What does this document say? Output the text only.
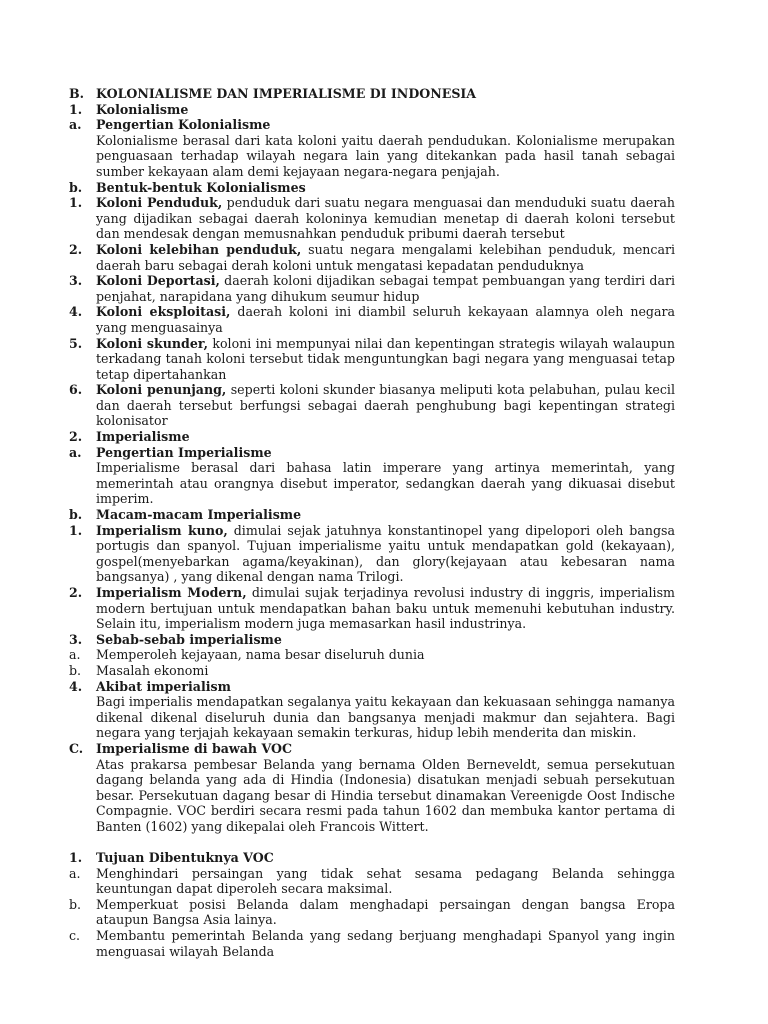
B. KOLONIALISME DAN IMPERIALISME DI INDONESIA
1.	Kolonialisme
a.	Pengertian Kolonialisme
Kolonialisme berasal dari kata koloni yaitu daerah pendudukan. Kolonialisme merupakan penguasaan terhadap wilayah negara lain yang ditekankan pada hasil tanah sebagai sumber kekayaan alam demi kejayaan negara-negara penjajah.
b.	Bentuk-bentuk Kolonialismes
1.	Koloni Penduduk, penduduk dari suatu negara menguasai dan menduduki suatu daerah yang dijadikan sebagai daerah koloninya kemudian menetap di daerah koloni tersebut dan mendesak dengan memusnahkan penduduk pribumi daerah tersebut
2.	Koloni kelebihan penduduk, suatu negara mengalami kelebihan penduduk, mencari daerah baru sebagai derah koloni untuk mengatasi kepadatan penduduknya
3.	Koloni Deportasi, daerah koloni dijadikan sebagai tempat pembuangan yang terdiri dari penjahat, narapidana yang dihukum seumur hidup
4.	Koloni eksploitasi, daerah koloni ini diambil seluruh kekayaan alamnya oleh negara yang menguasainya
5.	Koloni skunder, koloni ini mempunyai nilai dan kepentingan strategis wilayah walaupun terkadang tanah koloni tersebut tidak menguntungkan bagi negara yang menguasai tetap tetap dipertahankan
6.	Koloni penunjang, seperti koloni skunder biasanya meliputi kota pelabuhan, pulau kecil dan daerah tersebut berfungsi sebagai daerah penghubung bagi kepentingan strategi kolonisator
2.	Imperialisme
a.	Pengertian Imperialisme
Imperialisme berasal dari bahasa latin imperare yang artinya memerintah, yang memerintah atau orangnya disebut imperator, sedangkan daerah yang dikuasai disebut imperim.
b.	Macam-macam Imperialisme
1.	Imperialism kuno, dimulai sejak jatuhnya konstantinopel yang dipelopori oleh bangsa portugis dan spanyol. Tujuan imperialisme yaitu untuk mendapatkan gold (kekayaan), gospel(menyebarkan agama/keyakinan), dan glory(kejayaan atau kebesaran nama bangsanya) , yang dikenal dengan nama Trilogi.
2.	Imperialism Modern, dimulai sujak terjadinya revolusi industry di inggris, imperialism modern bertujuan untuk mendapatkan bahan baku untuk memenuhi kebutuhan industry. Selain itu, imperialism modern juga memasarkan hasil industrinya.
3.	Sebab-sebab imperialisme
a.	Memperoleh kejayaan, nama besar diseluruh dunia
b.	Masalah ekonomi
4.	Akibat imperialism
Bagi imperialis mendapatkan segalanya yaitu kekayaan dan kekuasaan sehingga namanya dikenal dikenal diseluruh dunia dan bangsanya menjadi makmur dan sejahtera. Bagi negara yang terjajah kekayaan semakin terkuras, hidup lebih menderita dan miskin.
C.	Imperialisme di bawah VOC
Atas prakarsa pembesar Belanda yang bernama Olden Berneveldt, semua persekutuan dagang belanda yang ada di Hindia (Indonesia) disatukan menjadi sebuah persekutuan besar. Persekutuan dagang besar di Hindia tersebut dinamakan Vereenigde Oost Indische Compagnie. VOC berdiri secara resmi pada tahun 1602 dan membuka kantor pertama di Banten (1602) yang dikepalai oleh Francois Wittert.
1.	Tujuan Dibentuknya VOC
a.	Menghindari persaingan yang tidak sehat sesama pedagang Belanda sehingga keuntungan dapat diperoleh secara maksimal.
b.	Memperkuat posisi Belanda dalam menghadapi persaingan dengan bangsa Eropa ataupun Bangsa Asia lainya.
c.	Membantu pemerintah Belanda yang sedang berjuang menghadapi Spanyol yang ingin menguasai wilayah Belanda
